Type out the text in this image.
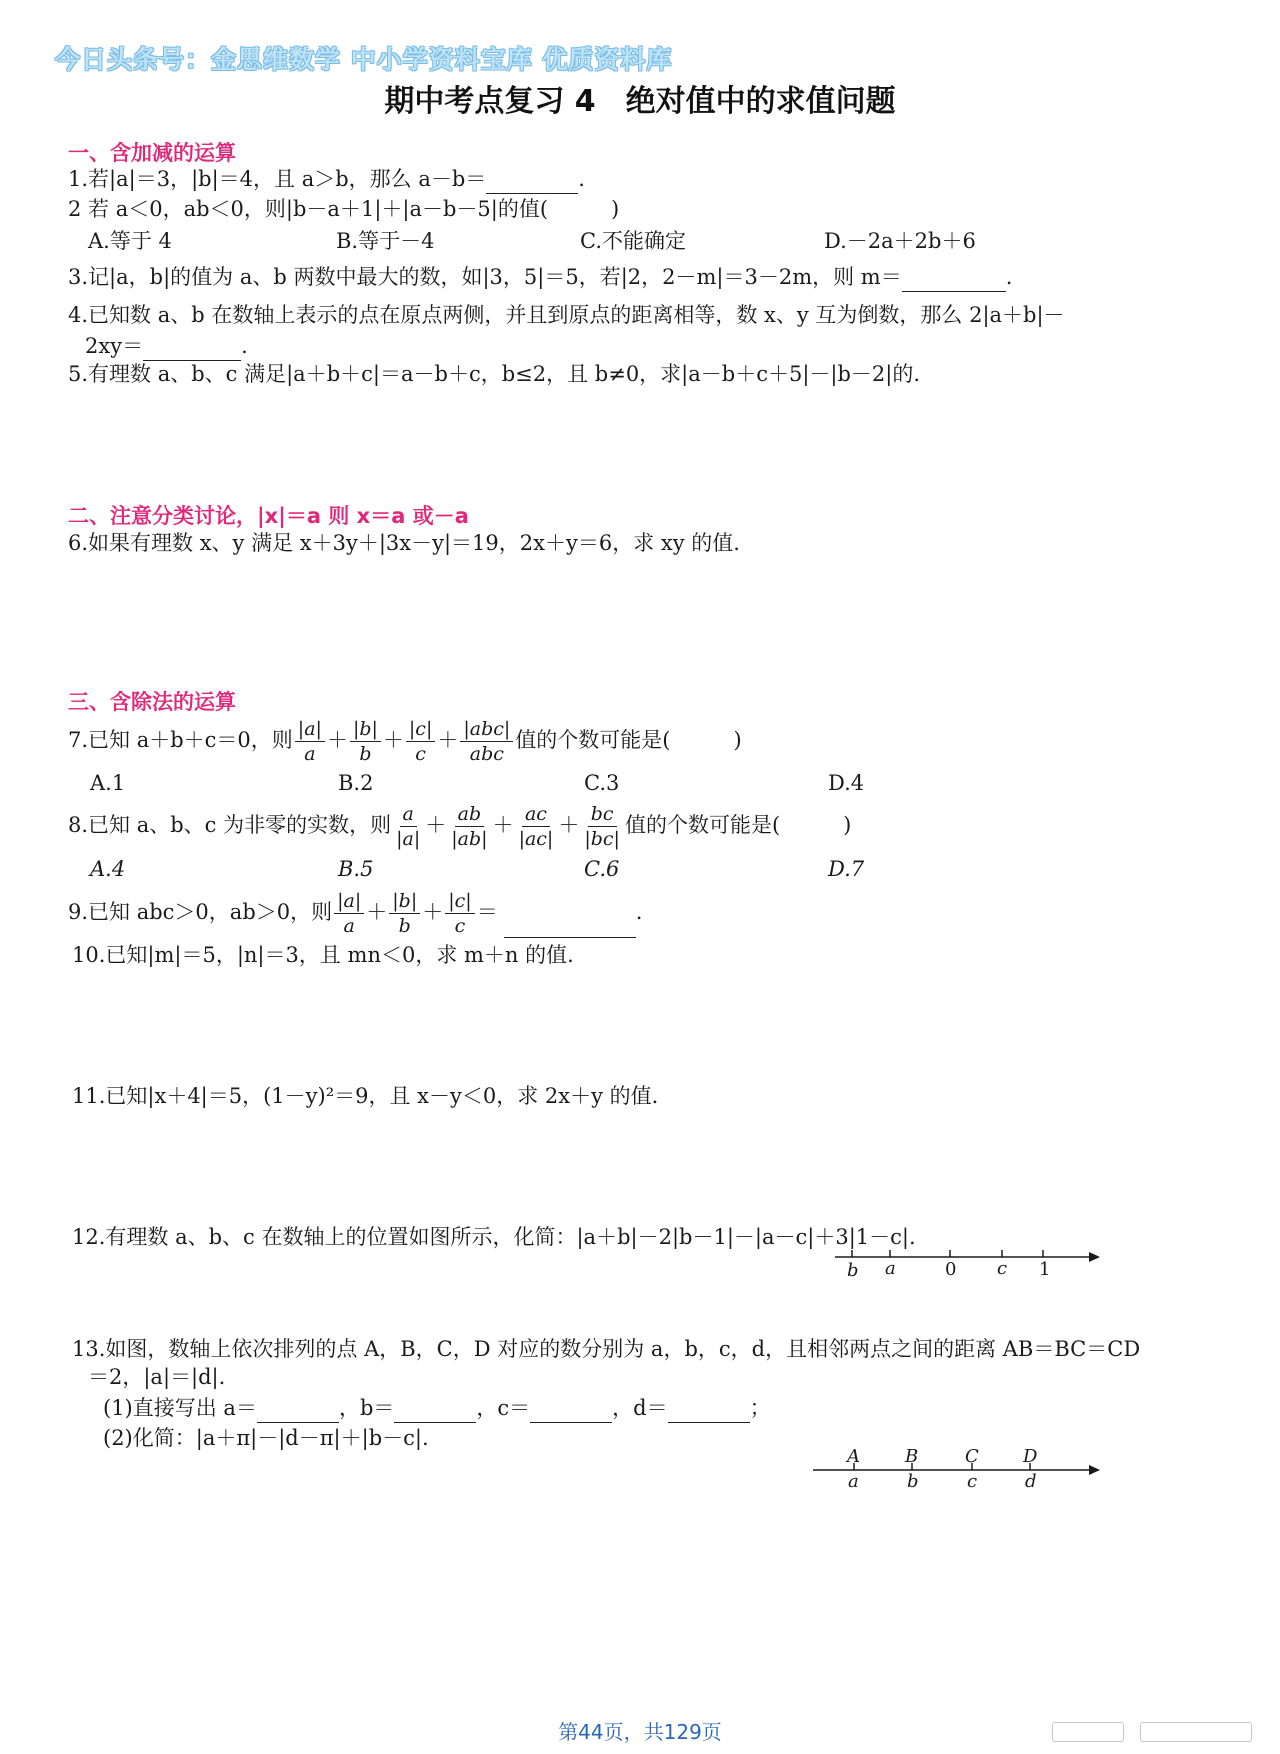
今日头条号：金思维数学 中小学资料宝库 优质资料库
期中考点复习 4　绝对值中的求值问题
一、含加减的运算
1.若|a|＝3，|b|＝4，且 a＞b，那么 a－b＝	.
2 若 a＜0，ab＜0，则|b－a＋1|＋|a－b－5|的值(　　　)
A.等于 4	B.等于－4	C.不能确定	D.－2a＋2b＋6
3.记|a，b|的值为 a、b 两数中最大的数，如|3，5|＝5，若|2，2－m|＝3－2m，则 m＝	.
4.已知数 a、b 在数轴上表示的点在原点两侧，并且到原点的距离相等，数 x、y 互为倒数，那么 2|a＋b|－
2xy＝	.
5.有理数 a、b、c 满足|a＋b＋c|＝a－b＋c，b≤2，且 b≠0，求|a－b＋c＋5|－|b－2|的.
二、注意分类讨论，|x|＝a 则 x＝a 或－a
6.如果有理数 x、y 满足 x＋3y＋|3x－y|＝19，2x＋y＝6，求 xy 的值.
三、含除法的运算
7.已知 a＋b＋c＝0，则 $\frac{|a|}{a} + \frac{|b|}{b} + \frac{|c|}{c} + \frac{\text{|abc|}}{\text{abc}}$ 值的个数可能是(　　　)
A.1	B.2	C.3	D.4
8.已知 a、b、c 为非零的实数，则 $\frac{a}{|a|} + \frac{ab}{|ab|} + \frac{ac}{|ac|} + \frac{bc}{|bc|}$ 值的个数可能是(　　　)
A.4	B.5	C.6	D.7
9.已知 abc＞0，ab＞0，则 $\frac{|a|}{a} + \frac{|b|}{b} + \frac{|c|}{c}$ ＝	.
10.已知|m|＝5，|n|＝3，且 mn＜0，求 m＋n 的值.
11.已知|x＋4|＝5，(1－y)²＝9，且 x－y＜0，求 2x＋y 的值.
12.有理数 a、b、c 在数轴上的位置如图所示，化简：|a＋b|－2|b－1|－|a－c|＋3|1－c|.
b a	0 c 1
13.如图，数轴上依次排列的点 A，B，C，D 对应的数分别为 a，b，c，d，且相邻两点之间的距离 AB＝BC＝CD
＝2，|a|＝|d|.
(1)直接写出 a＝	，b＝	，c＝	，d＝	；
(2)化简：|a＋π|－|d－π|＋|b－c|.
A	B	C D
a	b	c	d
第44页，共129页
